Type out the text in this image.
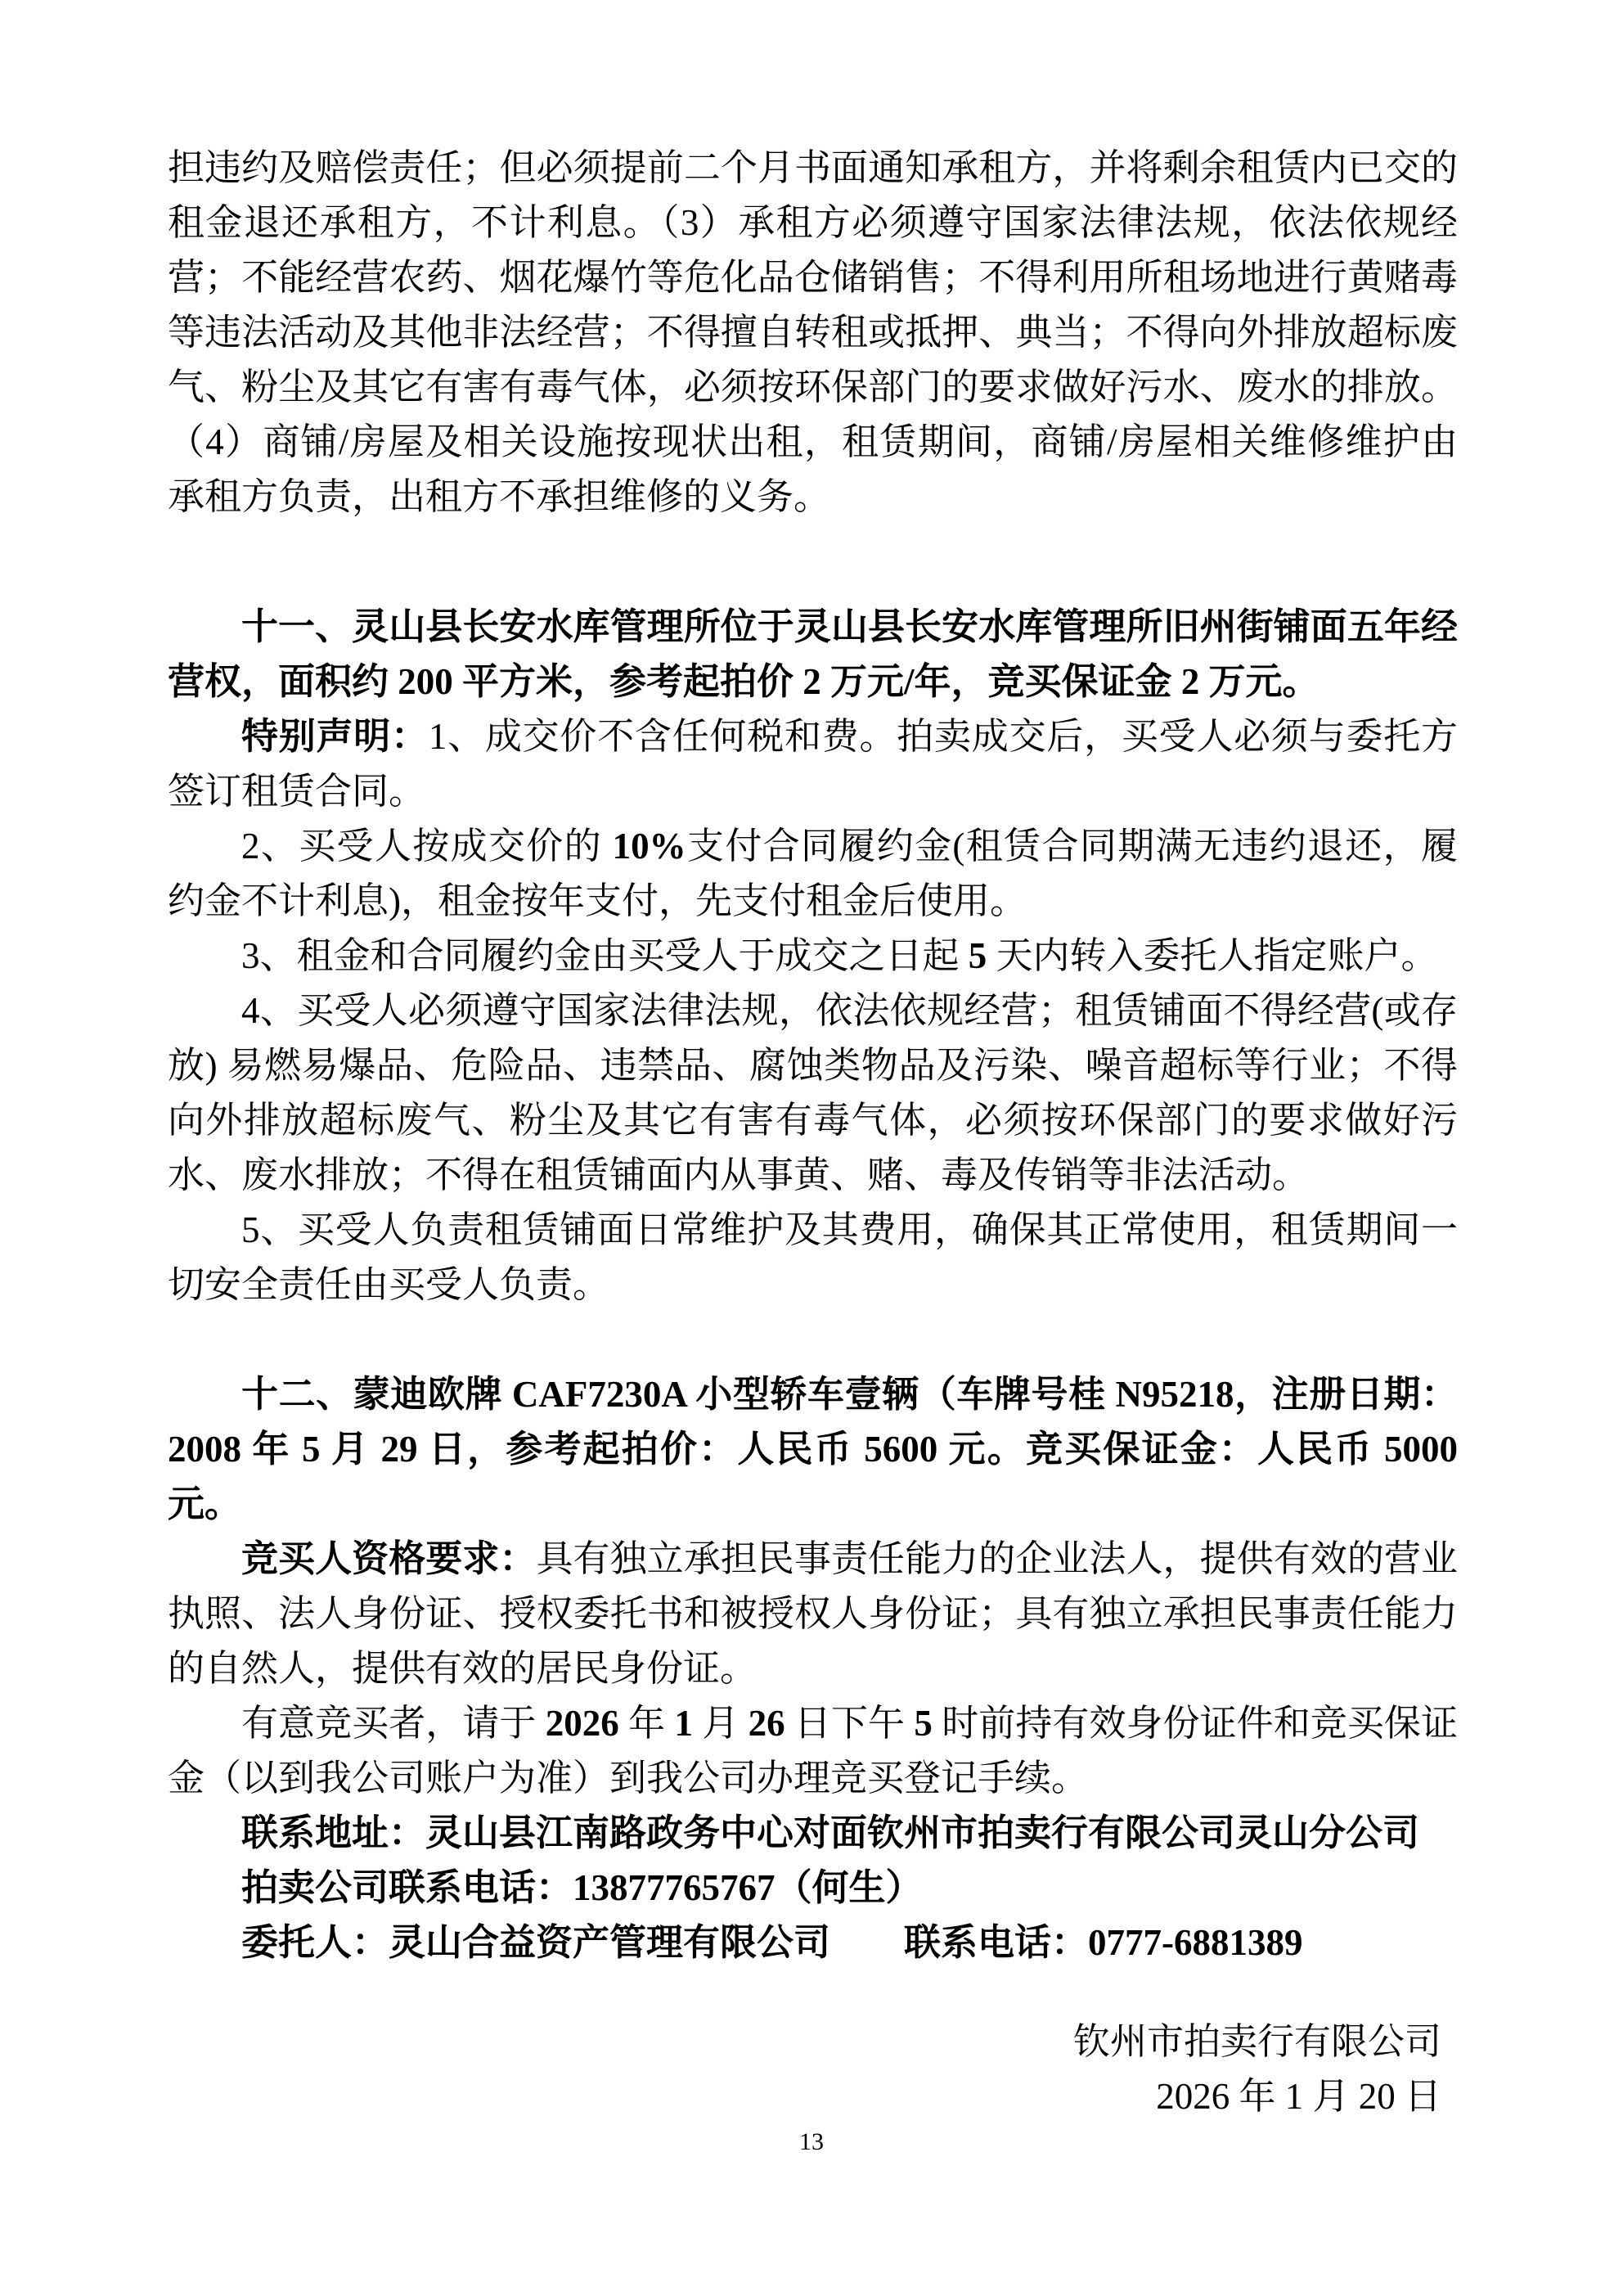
担违约及赔偿责任；但必须提前二个月书面通知承租方，并将剩余租赁内已交的租金退还承租方，不计利息。（3）承租方必须遵守国家法律法规，依法依规经营；不能经营农药、烟花爆竹等危化品仓储销售；不得利用所租场地进行黄赌毒等违法活动及其他非法经营；不得擅自转租或抵押、典当；不得向外排放超标废气、粉尘及其它有害有毒气体，必须按环保部门的要求做好污水、废水的排放。（4）商铺/房屋及相关设施按现状出租，租赁期间，商铺/房屋相关维修维护由承租方负责，出租方不承担维修的义务。

十一、灵山县长安水库管理所位于灵山县长安水库管理所旧州街铺面五年经营权，面积约 200 平方米，参考起拍价 2 万元/年，竞买保证金 2 万元。

特别声明：1、成交价不含任何税和费。拍卖成交后，买受人必须与委托方签订租赁合同。

2、买受人按成交价的 10%支付合同履约金(租赁合同期满无违约退还，履约金不计利息)，租金按年支付，先支付租金后使用。

3、租金和合同履约金由买受人于成交之日起 5 天内转入委托人指定账户。

4、买受人必须遵守国家法律法规，依法依规经营；租赁铺面不得经营(或存放) 易燃易爆品、危险品、违禁品、腐蚀类物品及污染、噪音超标等行业；不得向外排放超标废气、粉尘及其它有害有毒气体，必须按环保部门的要求做好污水、废水排放；不得在租赁铺面内从事黄、赌、毒及传销等非法活动。

5、买受人负责租赁铺面日常维护及其费用，确保其正常使用，租赁期间一切安全责任由买受人负责。

十二、蒙迪欧牌 CAF7230A 小型轿车壹辆（车牌号桂 N95218，注册日期：2008 年 5 月 29 日，参考起拍价：人民币 5600 元。竞买保证金：人民币 5000 元。

竞买人资格要求：具有独立承担民事责任能力的企业法人，提供有效的营业执照、法人身份证、授权委托书和被授权人身份证；具有独立承担民事责任能力的自然人，提供有效的居民身份证。

有意竞买者，请于 2026 年 1 月 26 日下午 5 时前持有效身份证件和竞买保证金（以到我公司账户为准）到我公司办理竞买登记手续。

联系地址：灵山县江南路政务中心对面钦州市拍卖行有限公司灵山分公司

拍卖公司联系电话：13877765767（何生）

委托人：灵山合益资产管理有限公司　　联系电话：0777-6881389

钦州市拍卖行有限公司

2026 年 1 月 20 日

13
